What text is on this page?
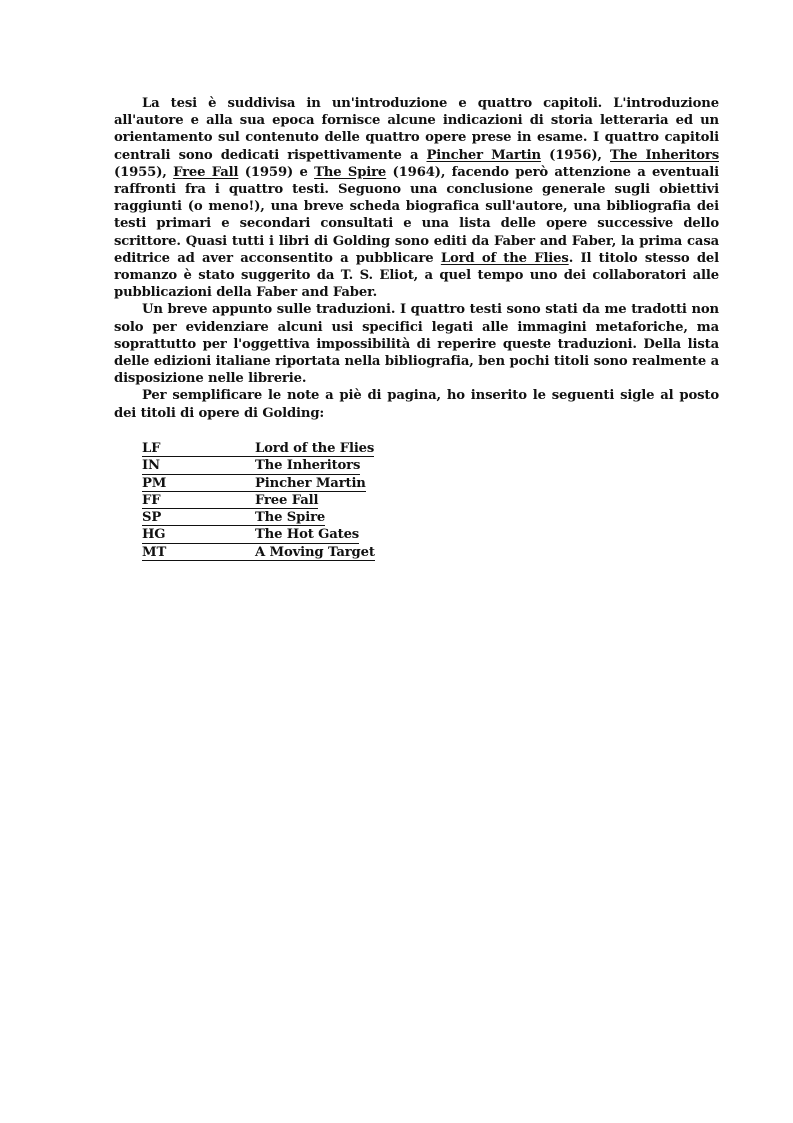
La tesi è suddivisa in un'introduzione e quattro capitoli. L'introduzione all'autore e alla sua epoca fornisce alcune indicazioni di storia letteraria ed un orientamento sul contenuto delle quattro opere prese in esame. I quattro capitoli centrali sono dedicati rispettivamente a Pincher Martin (1956), The Inheritors (1955), Free Fall (1959) e The Spire (1964), facendo però attenzione a eventuali raffronti fra i quattro testi. Seguono una conclusione generale sugli obiettivi raggiunti (o meno!), una breve scheda biografica sull'autore, una bibliografia dei testi primari e secondari consultati e una lista delle opere successive dello scrittore. Quasi tutti i libri di Golding sono editi da Faber and Faber, la prima casa editrice ad aver acconsentito a pubblicare Lord of the Flies. Il titolo stesso del romanzo è stato suggerito da T. S. Eliot, a quel tempo uno dei collaboratori alle pubblicazioni della Faber and Faber.

Un breve appunto sulle traduzioni. I quattro testi sono stati da me tradotti non solo per evidenziare alcuni usi specifici legati alle immagini metaforiche, ma soprattutto per l'oggettiva impossibilità di reperire queste traduzioni. Della lista delle edizioni italiane riportata nella bibliografia, ben pochi titoli sono realmente a disposizione nelle librerie.

Per semplificare le note a piè di pagina, ho inserito le seguenti sigle al posto dei titoli di opere di Golding:

LF	Lord of the Flies
IN	The Inheritors
PM	Pincher Martin
FF	Free Fall
SP	The Spire
HG	The Hot Gates
MT	A Moving Target
